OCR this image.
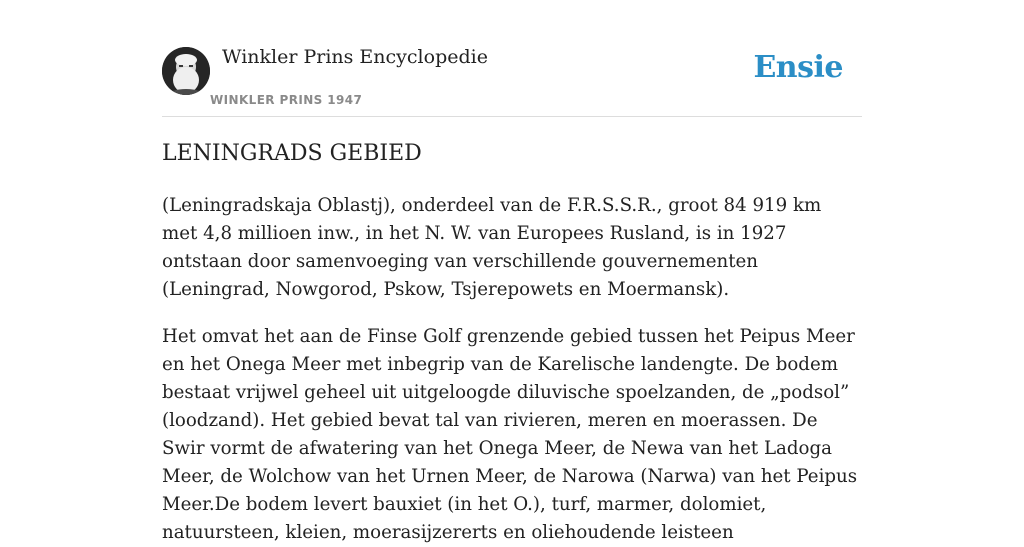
Winkler Prins Encyclopedie
WINKLER PRINS 1947
Ensie
LENINGRADS GEBIED

(Leningradskaja Oblastj), onderdeel van de F.R.S.S.R., groot 84 919 km met 4,8 millioen inw., in het N. W. van Europees Rusland, is in 1927 ontstaan door samenvoeging van verschillende gouvernementen (Leningrad, Nowgorod, Pskow, Tsjerepowets en Moermansk).

Het omvat het aan de Finse Golf grenzende gebied tussen het Peipus Meer en het Onega Meer met inbegrip van de Karelische landengte. De bodem bestaat vrijwel geheel uit uitgeloogde diluvische spoelzanden, de „podsol” (loodzand). Het gebied bevat tal van rivieren, meren en moerassen. De Swir vormt de afwatering van het Onega Meer, de Newa van het Ladoga Meer, de Wolchow van het Urnen Meer, de Narowa (Narwa) van het Peipus Meer.De bodem levert bauxiet (in het O.), turf, marmer, dolomiet, natuursteen, kleien, moerasijzererts en oliehoudende leisteen
